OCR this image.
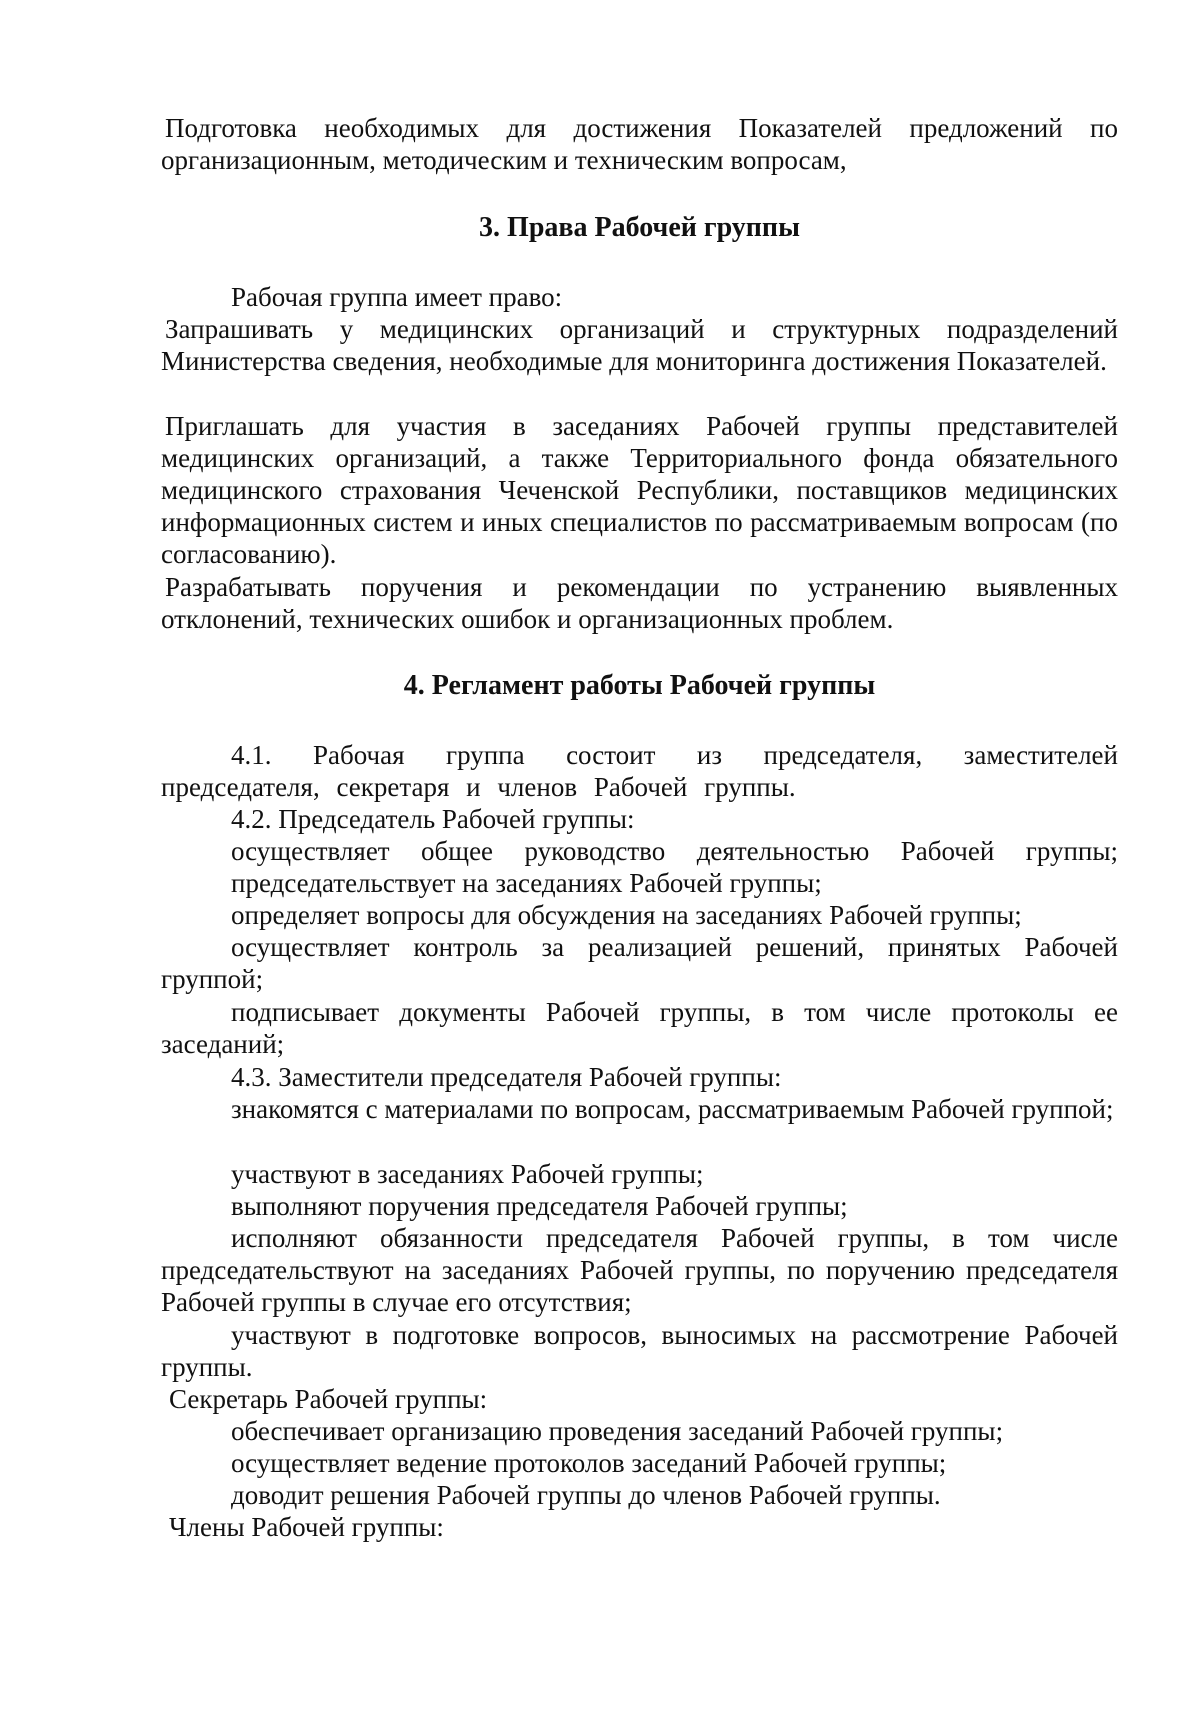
Подготовка необходимых для достижения Показателей предложений по организационным, методическим и техническим вопросам,

3. Права Рабочей группы

Рабочая группа имеет право:

Запрашивать у медицинских организаций и структурных подразделений Министерства сведения, необходимые для мониторинга достижения Показателей.

Приглашать для участия в заседаниях Рабочей группы представителей медицинских организаций, а также Территориального фонда обязательного медицинского страхования Чеченской Республики, поставщиков медицинских информационных систем и иных специалистов по рассматриваемым вопросам (по согласованию).

Разрабатывать поручения и рекомендации по устранению выявленных отклонений, технических ошибок и организационных проблем.

4. Регламент работы Рабочей группы

4.1. Рабочая группа состоит из председателя, заместителей председателя, секретаря и членов Рабочей группы.

4.2. Председатель Рабочей группы:

осуществляет общее руководство деятельностью Рабочей группы; председательствует на заседаниях Рабочей группы;

определяет вопросы для обсуждения на заседаниях Рабочей группы;

осуществляет контроль за реализацией решений, принятых Рабочей группой;

подписывает документы Рабочей группы, в том числе протоколы ее заседаний;

4.3. Заместители председателя Рабочей группы:

знакомятся с материалами по вопросам, рассматриваемым Рабочей группой;

участвуют в заседаниях Рабочей группы;

выполняют поручения председателя Рабочей группы;

исполняют обязанности председателя Рабочей группы, в том числе председательствуют на заседаниях Рабочей группы, по поручению председателя Рабочей группы в случае его отсутствия;

участвуют в подготовке вопросов, выносимых на рассмотрение Рабочей группы.

Секретарь Рабочей группы:

обеспечивает организацию проведения заседаний Рабочей группы;

осуществляет ведение протоколов заседаний Рабочей группы;

доводит решения Рабочей группы до членов Рабочей группы.

Члены Рабочей группы:
